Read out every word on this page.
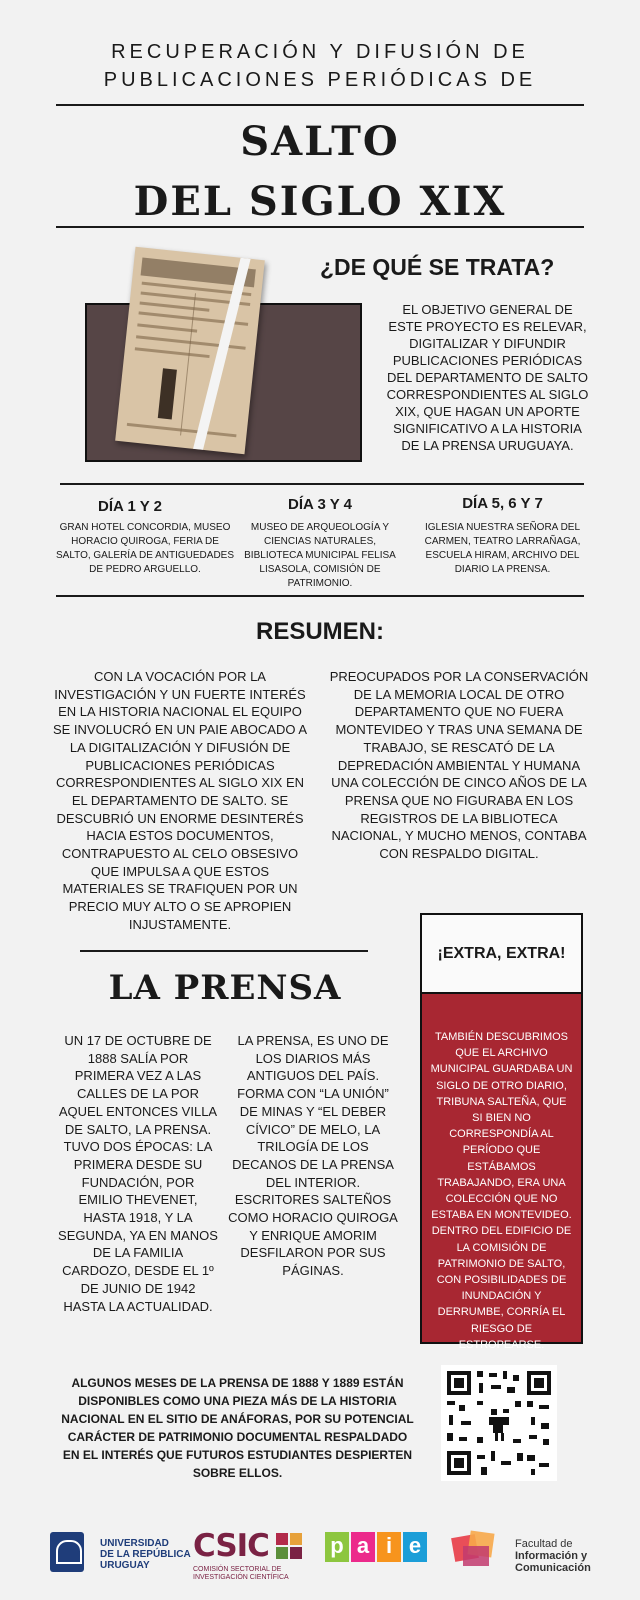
RECUPERACIÓN Y DIFUSIÓN DE PUBLICACIONES PERIÓDICAS DE
SALTO
DEL SIGLO XIX
¿DE QUÉ SE TRATA?
EL OBJETIVO GENERAL DE ESTE PROYECTO ES RELEVAR, DIGITALIZAR Y DIFUNDIR PUBLICACIONES PERIÓDICAS DEL DEPARTAMENTO DE SALTO CORRESPONDIENTES AL SIGLO XIX, QUE HAGAN UN APORTE SIGNIFICATIVO A LA HISTORIA DE LA PRENSA URUGUAYA.
DÍA 1 Y 2
GRAN HOTEL CONCORDIA, MUSEO HORACIO QUIROGA, FERIA DE SALTO, GALERÍA DE ANTIGUEDADES DE PEDRO ARGUELLO.
DÍA 3 Y 4
MUSEO DE ARQUEOLOGÍA Y CIENCIAS NATURALES, BIBLIOTECA MUNICIPAL FELISA LISASOLA, COMISIÓN DE PATRIMONIO.
DÍA 5, 6 Y 7
IGLESIA NUESTRA SEÑORA DEL CARMEN, TEATRO LARRAÑAGA, ESCUELA HIRAM, ARCHIVO DEL DIARIO LA PRENSA.
RESUMEN:
CON LA VOCACIÓN POR LA INVESTIGACIÓN Y UN FUERTE INTERÉS EN LA HISTORIA NACIONAL EL EQUIPO SE INVOLUCRÓ EN UN PAIE ABOCADO A LA DIGITALIZACIÓN Y DIFUSIÓN DE PUBLICACIONES PERIÓDICAS CORRESPONDIENTES AL SIGLO XIX EN EL DEPARTAMENTO DE SALTO. SE DESCUBRIÓ UN ENORME DESINTERÉS HACIA ESTOS DOCUMENTOS, CONTRAPUESTO AL CELO OBSESIVO QUE IMPULSA A QUE ESTOS MATERIALES SE TRAFIQUEN POR UN PRECIO MUY ALTO O SE APROPIEN INJUSTAMENTE.
PREOCUPADOS POR LA CONSERVACIÓN DE LA MEMORIA LOCAL DE OTRO DEPARTAMENTO QUE NO FUERA MONTEVIDEO Y TRAS UNA SEMANA DE TRABAJO, SE RESCATÓ DE LA DEPREDACIÓN AMBIENTAL Y HUMANA UNA COLECCIÓN DE CINCO AÑOS DE LA PRENSA QUE NO FIGURABA EN LOS REGISTROS DE LA BIBLIOTECA NACIONAL, Y MUCHO MENOS, CONTABA CON RESPALDO DIGITAL.
LA PRENSA
UN 17 DE OCTUBRE DE 1888 SALÍA POR PRIMERA VEZ A LAS CALLES DE LA POR AQUEL ENTONCES VILLA DE SALTO, LA PRENSA. TUVO DOS ÉPOCAS: LA PRIMERA DESDE SU FUNDACIÓN, POR EMILIO THEVENET, HASTA 1918, Y LA SEGUNDA, YA EN MANOS DE LA FAMILIA CARDOZO, DESDE EL 1º DE JUNIO DE 1942 HASTA LA ACTUALIDAD.
LA PRENSA, ES UNO DE LOS DIARIOS MÁS ANTIGUOS DEL PAÍS. FORMA CON “LA UNIÓN” DE MINAS Y “EL DEBER CÍVICO” DE MELO, LA TRILOGÍA DE LOS DECANOS DE LA PRENSA DEL INTERIOR. ESCRITORES SALTEÑOS COMO HORACIO QUIROGA Y ENRIQUE AMORIM DESFILARON POR SUS PÁGINAS.
¡EXTRA, EXTRA!
TAMBIÉN DESCUBRIMOS QUE EL ARCHIVO MUNICIPAL GUARDABA UN SIGLO DE OTRO DIARIO, TRIBUNA SALTEÑA, QUE SI BIEN NO CORRESPONDÍA AL PERÍODO QUE ESTÁBAMOS TRABAJANDO, ERA UNA COLECCIÓN QUE NO ESTABA EN MONTEVIDEO. DENTRO DEL EDIFICIO DE LA COMISIÓN DE PATRIMONIO DE SALTO, CON POSIBILIDADES DE INUNDACIÓN Y DERRUMBE, CORRÍA EL RIESGO DE ESTROPEARSE.
ALGUNOS MESES DE LA PRENSA DE 1888 Y 1889 ESTÁN DISPONIBLES COMO UNA PIEZA MÁS DE LA HISTORIA NACIONAL EN EL SITIO DE ANÁFORAS, POR SU POTENCIAL CARÁCTER DE PATRIMONIO DOCUMENTAL RESPALDADO EN EL INTERÉS QUE FUTUROS ESTUDIANTES DESPIERTEN SOBRE ELLOS.
UNIVERSIDAD
DE LA REPÚBLICA
URUGUAY
CSIC
COMISIÓN SECTORIAL DE
INVESTIGACIÓN CIENTÍFICA
p a i e	Facultad de
Información y
Comunicación
